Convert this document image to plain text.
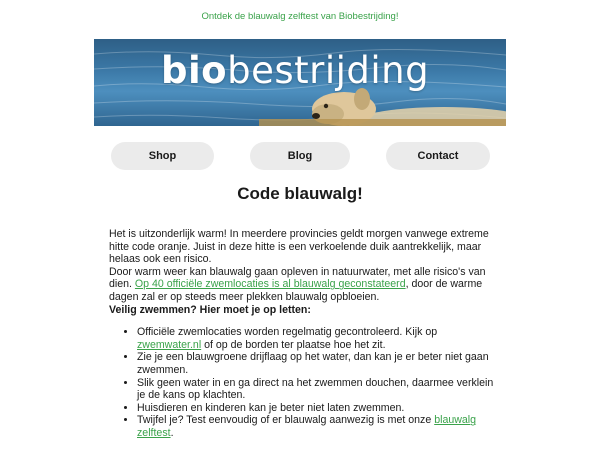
Ontdek de blauwalg zelftest van Biobestrijding!
biobestrijding
Shop	Blog	Contact
Code blauwalg!

Het is uitzonderlijk warm! In meerdere provincies geldt morgen vanwege extreme hitte code oranje. Juist in deze hitte is een verkoelende duik aantrekkelijk, maar helaas ook een risico.

Door warm weer kan blauwalg gaan opleven in natuurwater, met alle risico's van dien. Op 40 officiële zwemlocaties is al blauwalg geconstateerd, door de warme dagen zal er op steeds meer plekken blauwalg opbloeien.

Veilig zwemmen? Hier moet je op letten:

• Officiële zwemlocaties worden regelmatig gecontroleerd. Kijk op zwemwater.nl of op de borden ter plaatse hoe het zit.
• Zie je een blauwgroene drijflaag op het water, dan kan je er beter niet gaan zwemmen.
• Slik geen water in en ga direct na het zwemmen douchen, daarmee verklein je de kans op klachten.
• Huisdieren en kinderen kan je beter niet laten zwemmen.
• Twijfel je? Test eenvoudig of er blauwalg aanwezig is met onze blauwalg zelftest.
